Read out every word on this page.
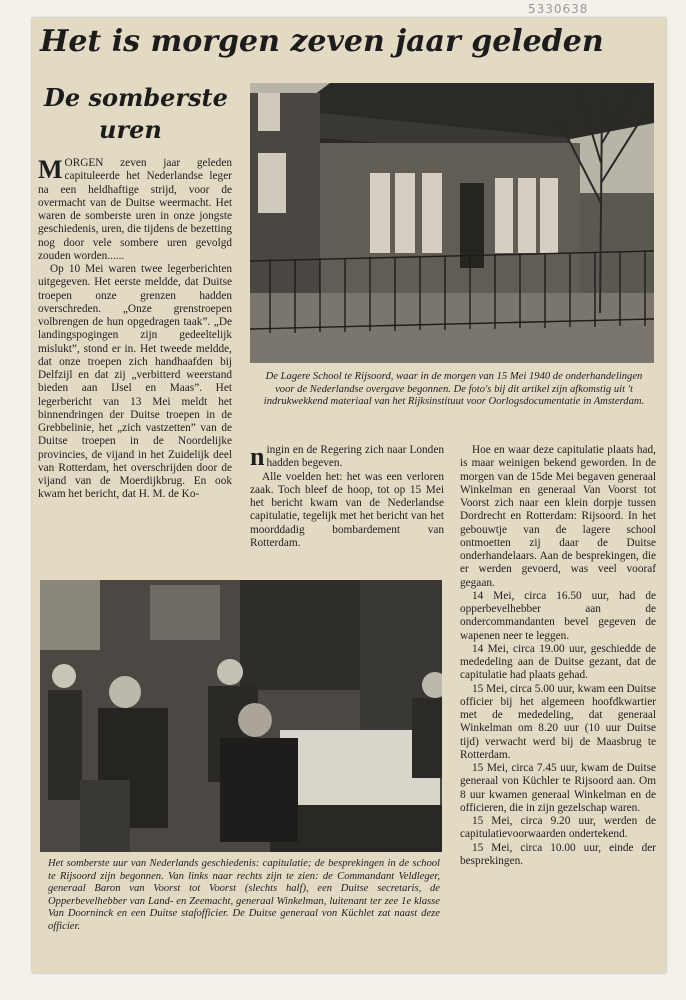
5330638
Het is morgen zeven jaar geleden
De somberste
uren

MORGEN zeven jaar geleden capituleerde het Nederlandse leger na een heldhaftige strijd, voor de overmacht van de Duitse weermacht. Het waren de somberste uren in onze jongste geschiedenis, uren, die tijdens de bezetting nog door vele sombere uren gevolgd zouden worden......

Op 10 Mei waren twee legerberichten uitgegeven. Het eerste meldde, dat Duitse troepen onze grenzen hadden overschreden. „Onze grenstroepen volbrengen de hun opgedragen taak”. „De landingspogingen zijn gedeeltelijk mislukt”, stond er in. Het tweede meldde, dat onze troepen zich handhaafden bij Delfzijl en dat zij „verbitterd weerstand bieden aan IJsel en Maas”. Het legerbericht van 13 Mei meldt het binnendringen der Duitse troepen in de Grebbelinie, het „zich vastzetten” van de Duitse troepen in de Noordelijke provincies, de vijand in het Zuidelijk deel van Rotterdam, het overschrijden door de vijand van de Moerdijkbrug. En ook kwam het bericht, dat H. M. de Ko-

De Lagere School te Rijsoord, waar in de morgen van 15 Mei 1940 de onderhandelingen voor de Nederlandse overgave begonnen. De foto's bij dit artikel zijn afkomstig uit 't indrukwekkend materiaal van het Rijksinstituut voor Oorlogsdocumentatie in Amsterdam.

ningin en de Regering zich naar Londen hadden begeven.

Alle voelden het: het was een verloren zaak. Toch bleef de hoop, tot op 15 Mei het bericht kwam van de Nederlandse capitulatie, tegelijk met het bericht van het moorddadig bombardement van Rotterdam.

Hoe en waar deze capitulatie plaats had, is maar weinigen bekend geworden. In de morgen van de 15de Mei begaven generaal Winkelman en generaal Van Voorst tot Voorst zich naar een klein dorpje tussen Dordrecht en Rotterdam: Rijsoord. In het gebouwtje van de lagere school ontmoetten zij daar de Duitse onderhandelaars. Aan de besprekingen, die er werden gevoerd, was veel vooraf gegaan.

14 Mei, circa 16.50 uur, had de opperbevelhebber aan de ondercommandanten bevel gegeven de wapenen neer te leggen.

14 Mei, circa 19.00 uur, geschiedde de mededeling aan de Duitse gezant, dat de capitulatie had plaats gehad.

15 Mei, circa 5.00 uur, kwam een Duitse officier bij het algemeen hoofdkwartier met de mededeling, dat generaal Winkelman om 8.20 uur (10 uur Duitse tijd) verwacht werd bij de Maasbrug te Rotterdam.

15 Mei, circa 7.45 uur, kwam de Duitse generaal von Küchler te Rijsoord aan. Om 8 uur kwamen generaal Winkelman en de officieren, die in zijn gezelschap waren.

15 Mei, circa 9.20 uur, werden de capitulatievoorwaarden ondertekend.

15 Mei, circa 10.00 uur, einde der besprekingen.

Het somberste uur van Nederlands geschiedenis: capitulatie; de besprekingen in de school te Rijsoord zijn begonnen. Van links naar rechts zijn te zien: de Commandant Veldleger, generaal Baron van Voorst tot Voorst (slechts half), een Duitse secretaris, de Opperbevelhebber van Land- en Zeemacht, generaal Winkelman, luitenant ter zee 1e klasse Van Doorninck en een Duitse stafofficier. De Duitse generaal von Küchlet zat naast deze officier.
